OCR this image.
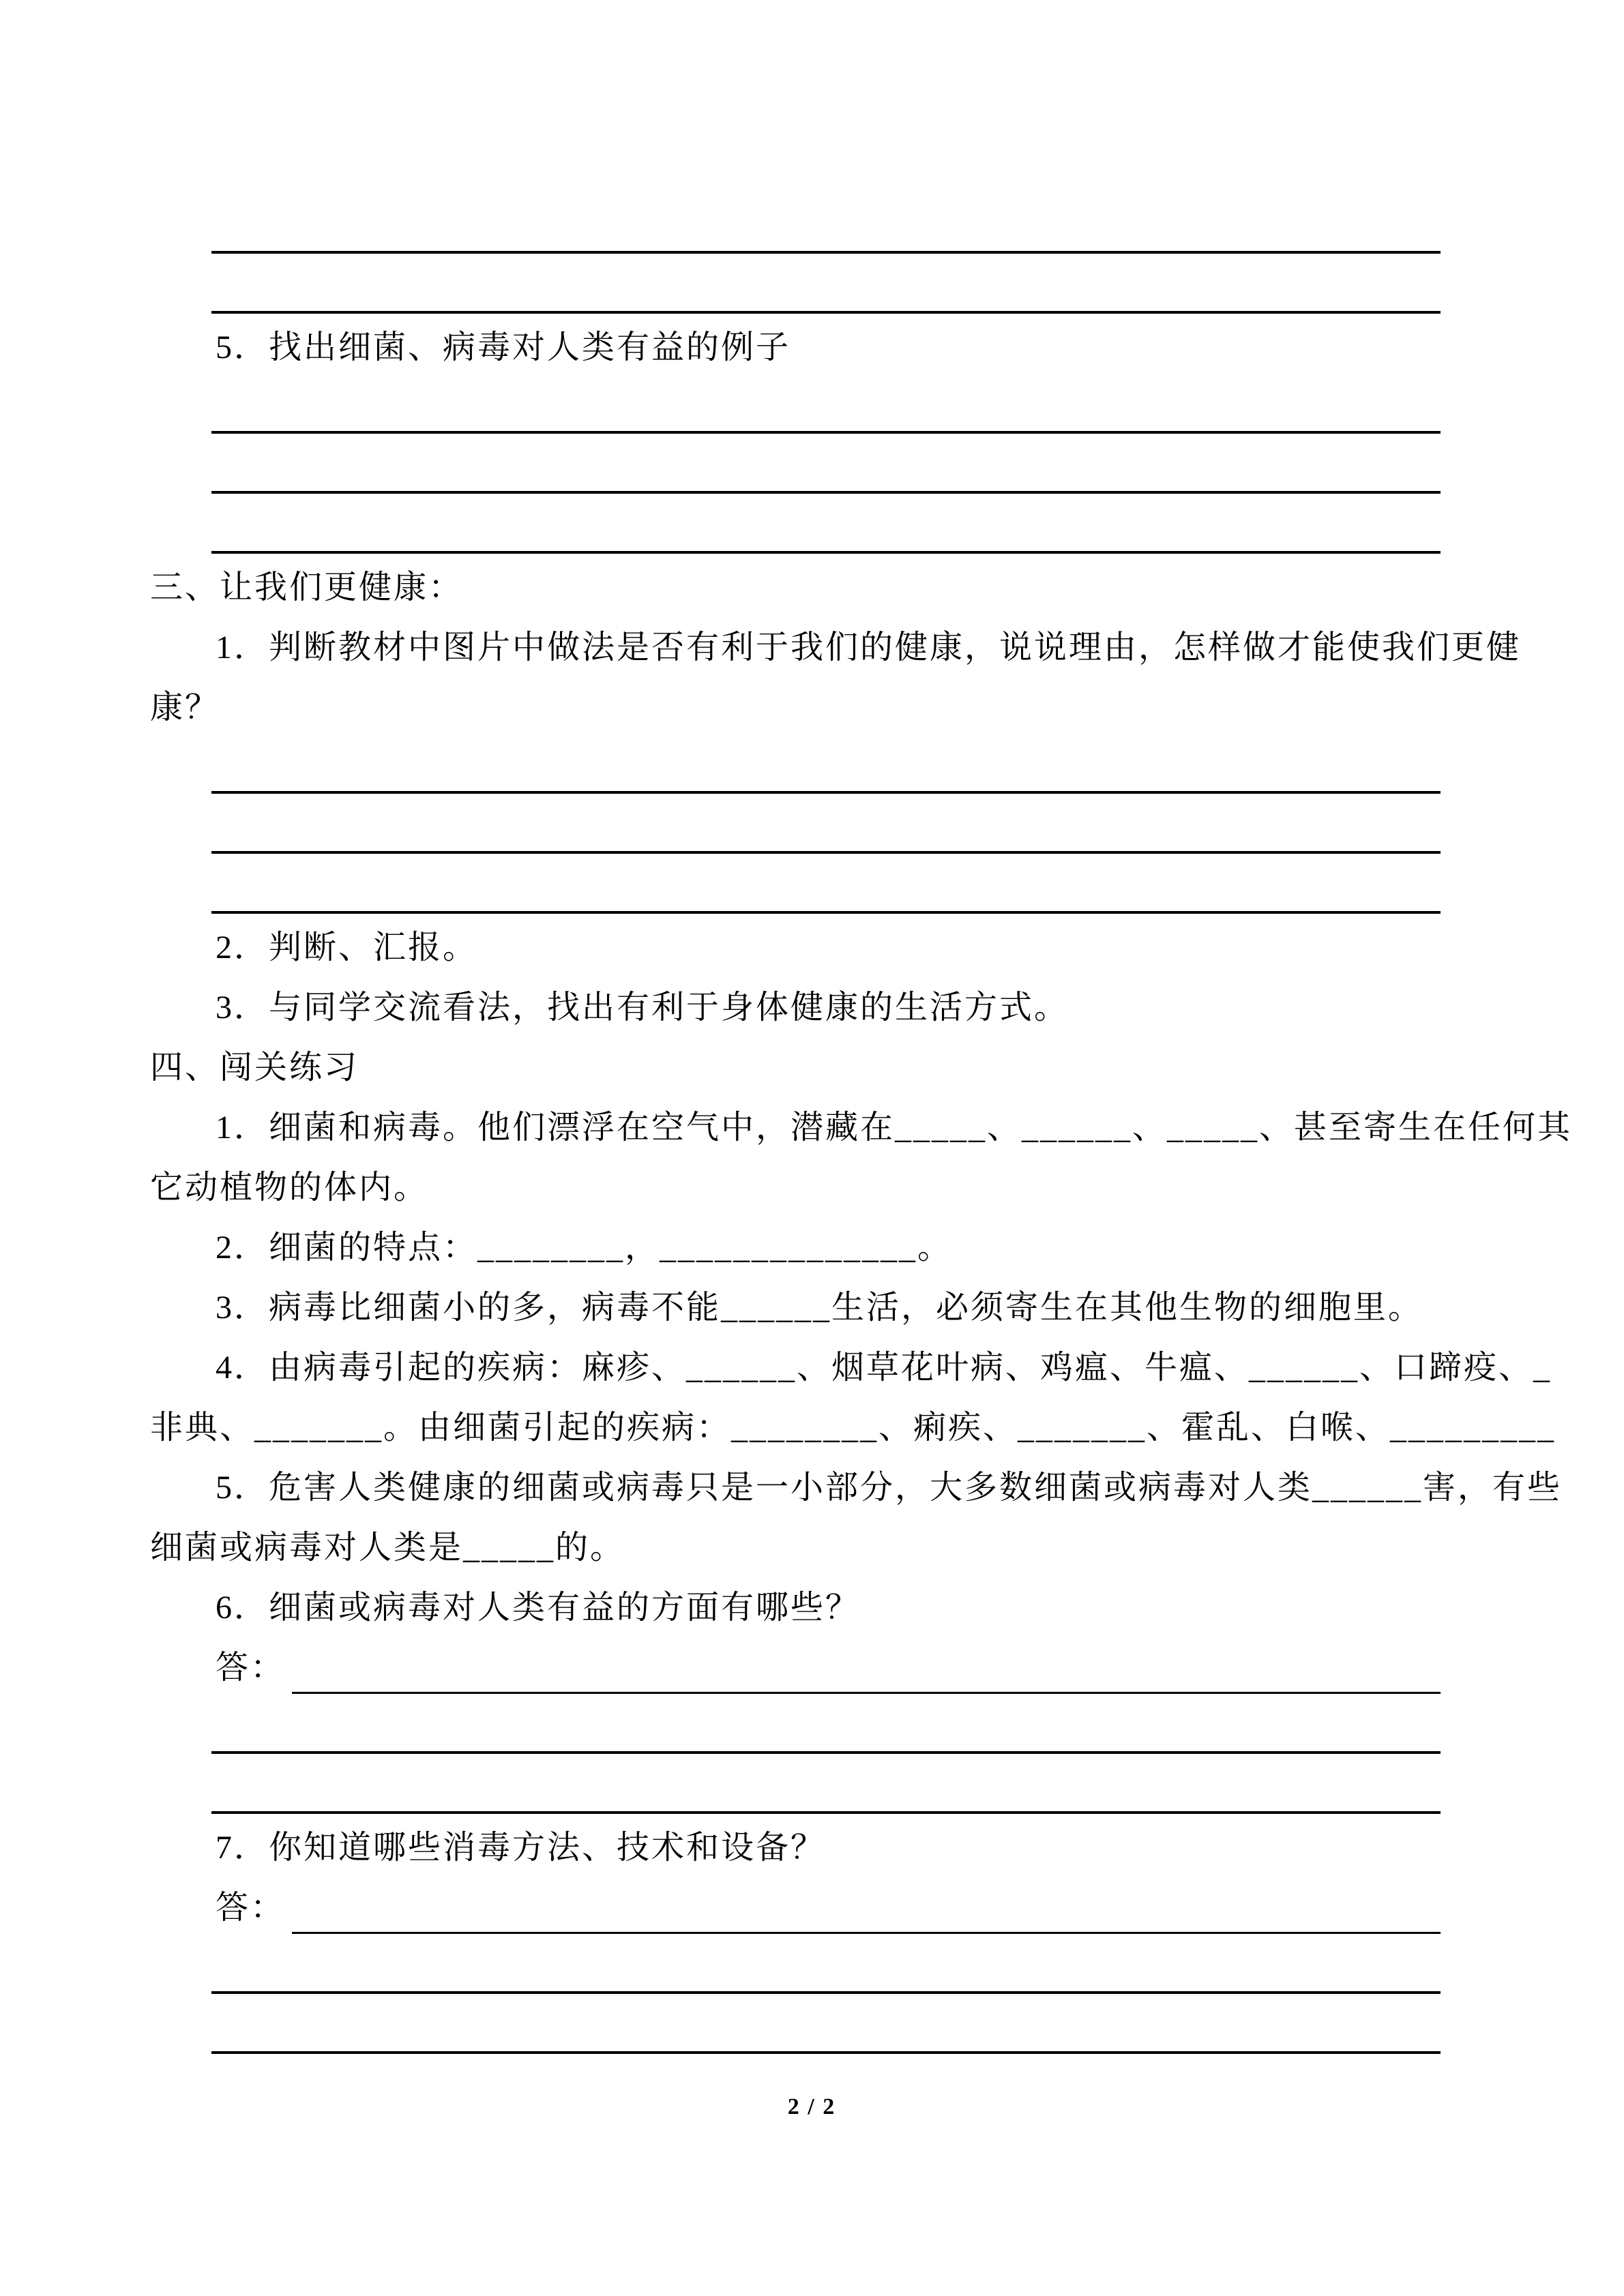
5．找出细菌、病毒对人类有益的例子
三、让我们更健康：
1．判断教材中图片中做法是否有利于我们的健康，说说理由，怎样做才能使我们更健
康？
2．判断、汇报。
3．与同学交流看法，找出有利于身体健康的生活方式。
四、闯关练习
1．细菌和病毒。他们漂浮在空气中，潜藏在_____、______、_____、甚至寄生在任何其
它动植物的体内。
2．细菌的特点：________，______________。
3．病毒比细菌小的多，病毒不能______生活，必须寄生在其他生物的细胞里。
4．由病毒引起的疾病：麻疹、______、烟草花叶病、鸡瘟、牛瘟、______、口蹄疫、_
非典、_______。由细菌引起的疾病：________、痢疾、_______、霍乱、白喉、_________
5．危害人类健康的细菌或病毒只是一小部分，大多数细菌或病毒对人类______害，有些
细菌或病毒对人类是_____的。
6．细菌或病毒对人类有益的方面有哪些？
答：
7．你知道哪些消毒方法、技术和设备？
答：
2 / 2
